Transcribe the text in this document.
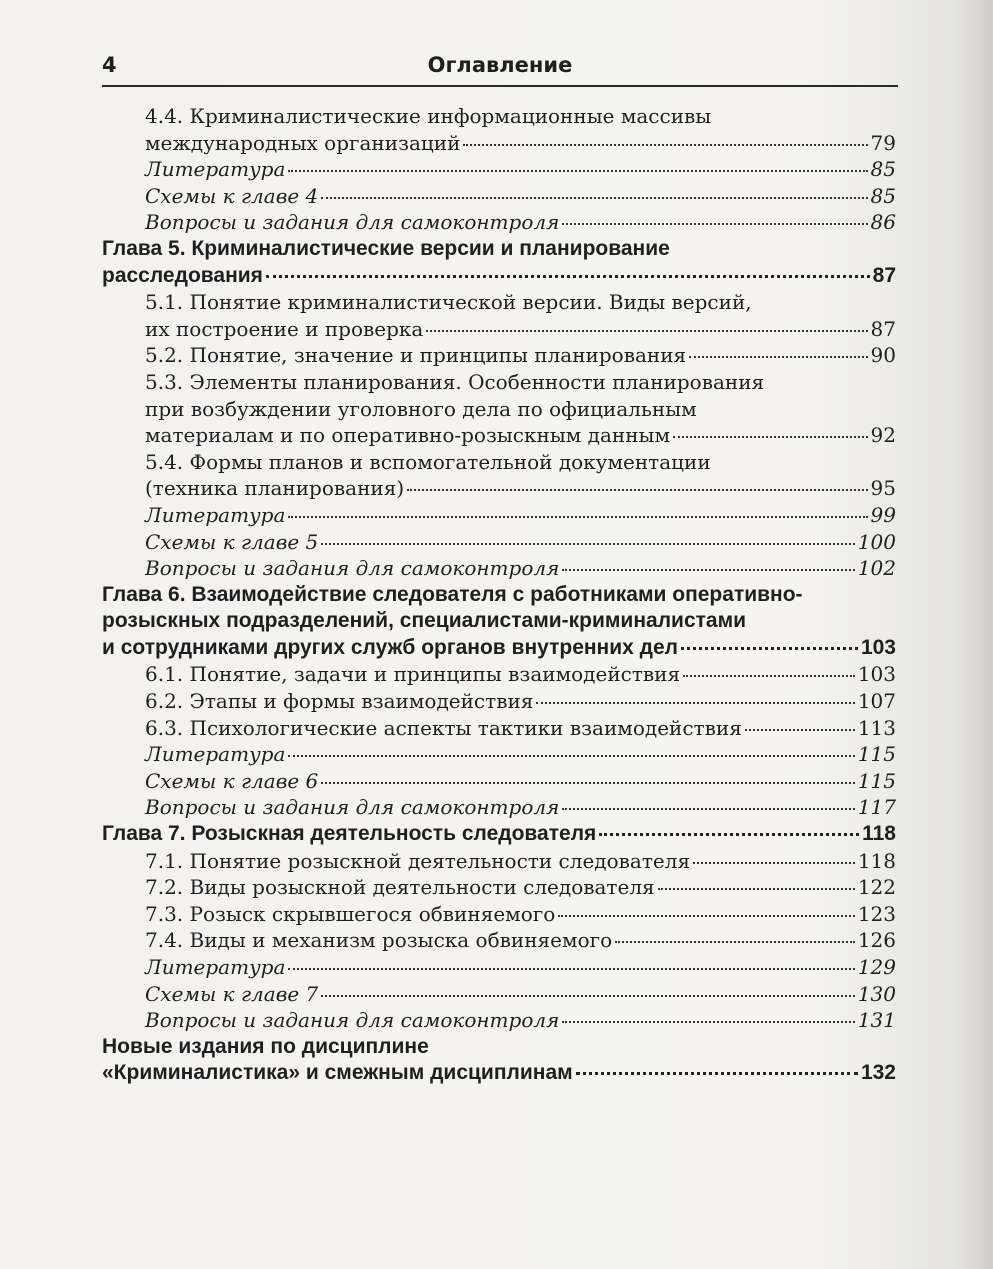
4	Оглавление
4.4. Криминалистические информационные массивы
международных организаций	79
Литература	85
Схемы к главе 4	85
Вопросы и задания для самоконтроля	86
Глава 5. Криминалистические версии и планирование
расследования	87
5.1. Понятие криминалистической версии. Виды версий,
их построение и проверка	87
5.2. Понятие, значение и принципы планирования	90
5.3. Элементы планирования. Особенности планирования
при возбуждении уголовного дела по официальным
материалам и по оперативно-розыскным данным	92
5.4. Формы планов и вспомогательной документации
(техника планирования)	95
Литература	99
Схемы к главе 5	100
Вопросы и задания для самоконтроля	102
Глава 6. Взаимодействие следователя с работниками оперативно-
розыскных подразделений, специалистами-криминалистами
и сотрудниками других служб органов внутренних дел	103
6.1. Понятие, задачи и принципы взаимодействия	103
6.2. Этапы и формы взаимодействия	107
6.3. Психологические аспекты тактики взаимодействия	113
Литература	115
Схемы к главе 6	115
Вопросы и задания для самоконтроля	117
Глава 7. Розыскная деятельность следователя	118
7.1. Понятие розыскной деятельности следователя	118
7.2. Виды розыскной деятельности следователя	122
7.3. Розыск скрывшегося обвиняемого	123
7.4. Виды и механизм розыска обвиняемого	126
Литература	129
Схемы к главе 7	130
Вопросы и задания для самоконтроля	131
Новые издания по дисциплине
«Криминалистика» и смежным дисциплинам	132
